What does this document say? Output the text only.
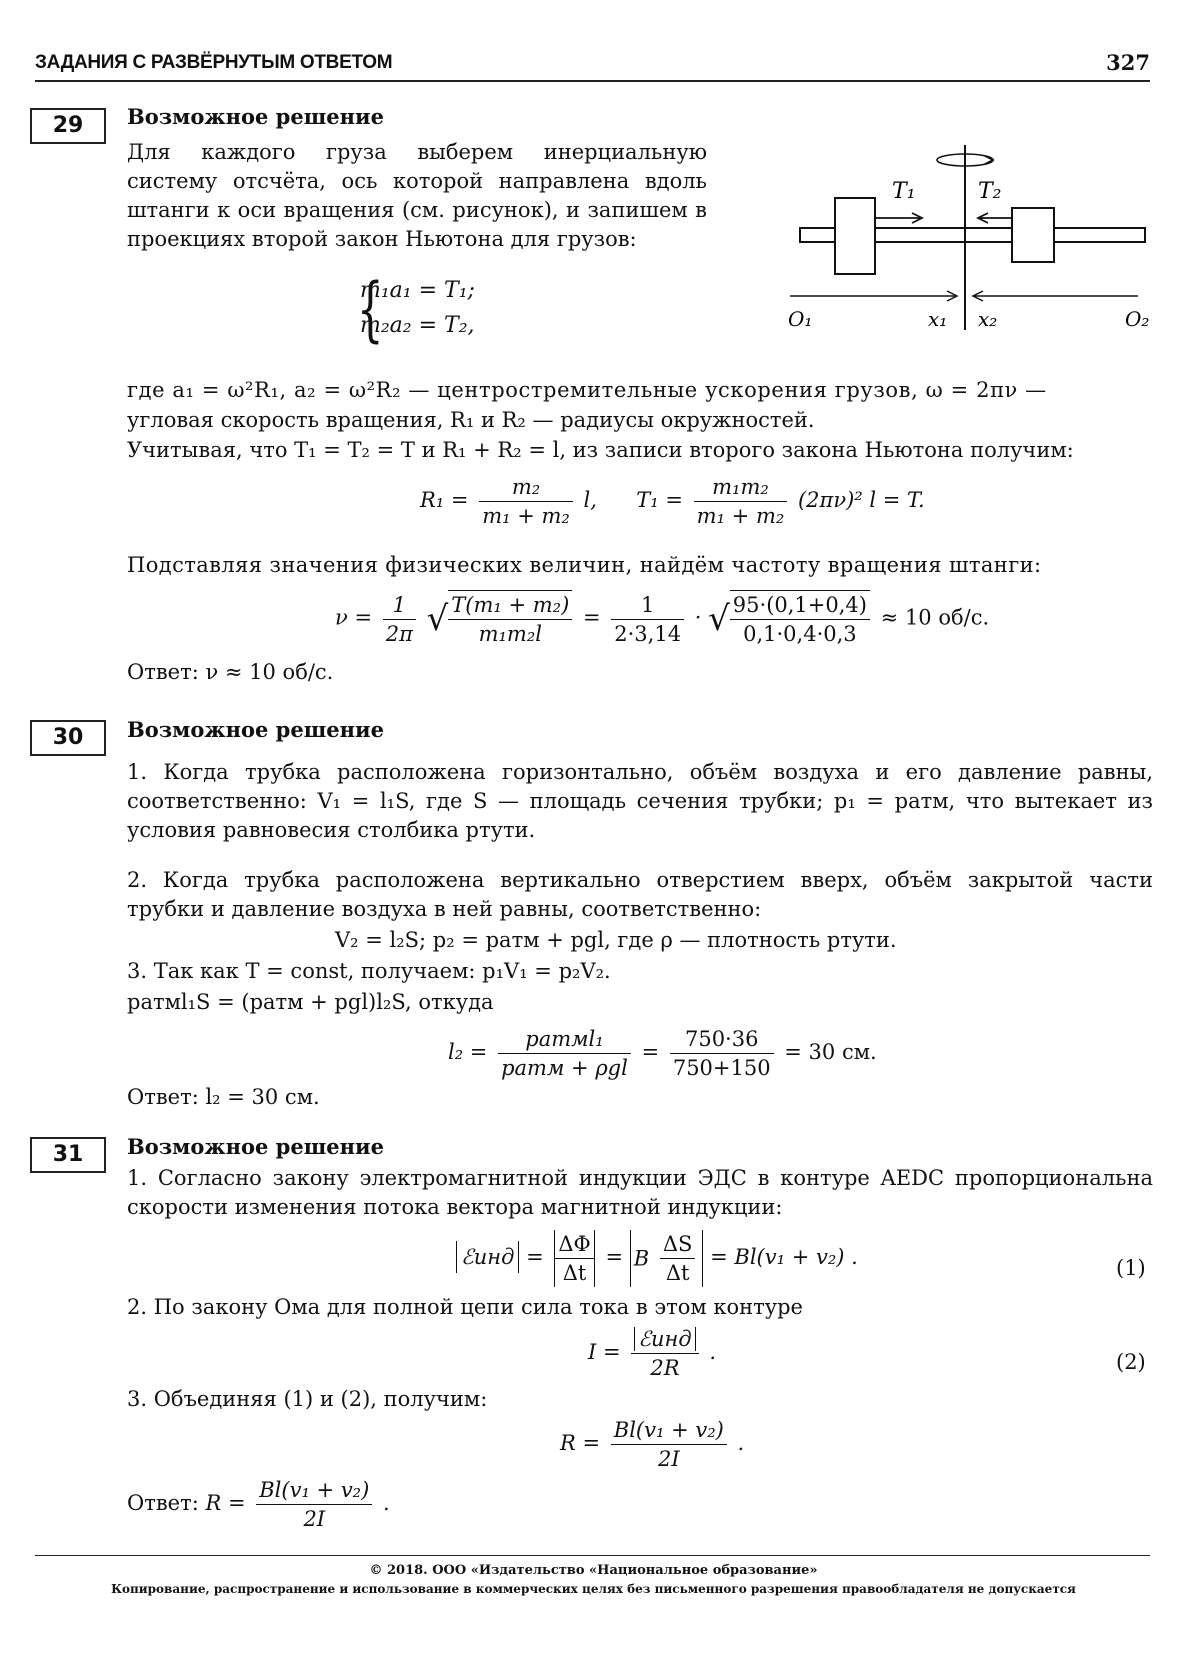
ЗАДАНИЯ С РАЗВЁРНУТЫМ ОТВЕТОМ	327
29	Возможное решение
Для каждого груза выберем инерциальную систему отсчёта, ось которой направлена вдоль штанги к оси вращения (см. рисунок), и запишем в проекциях второй закон Ньютона для грузов:
{
m₁a₁ = T₁;
m₂a₂ = T₂,
T₁	T₂
O₁	x₁ x₂	O₂
где a₁ = ω²R₁, a₂ = ω²R₂ — центростремительные ускорения грузов, ω = 2πν —
угловая скорость вращения, R₁ и R₂ — радиусы окружностей.
Учитывая, что T₁ = T₂ = T и R₁ + R₂ = l, из записи второго закона Ньютона получим:
$R_1 = \frac{\text{m₂}}{\text{m₁ + m₂}} l$, $T_1 = \frac{\text{m₁m₂}}{\text{m₁ + m₂}} (2\pi\nu)^2$ l = T.
Подставляя значения физических величин, найдём частоту вращения штанги:
$\nu = \frac{1}{2\pi}$ √ $\frac{\text{T(m₁ + m₂)}}{\text{m₁m₂l}} = \frac{1}{2\cdot 3,14}$ · √ $\frac{95\cdot(0,1+0,4)}{0,1\cdot 0,4\cdot 0,3} \approx 10$ об/с.
Ответ: ν ≈ 10 об/с.
30	Возможное решение
1. Когда трубка расположена горизонтально, объём воздуха и его давление равны, соответственно: V₁ = l₁S, где S — площадь сечения трубки; p₁ = pатм, что вытекает из условия равновесия столбика ртути.
2. Когда трубка расположена вертикально отверстием вверх, объём закрытой части трубки и давление воздуха в ней равны, соответственно:
V₂ = l₂S; p₂ = pатм + pgl, где ρ — плотность ртути.
3. Так как T = const, получаем: p₁V₁ = p₂V₂.
pатмl₁S = (pатм + pgl)l₂S, откуда
$l_2 = \frac{\text{pатмl₁}}{\text{pатм + ρgl}} = \frac{750\cdot 36}{750+150} = 30$ см.
Ответ: l₂ = 30 см.
31	Возможное решение
1. Согласно закону электромагнитной индукции ЭДС в контуре AEDC пропорциональна скорости изменения потока вектора магнитной индукции:
ℰинд = $\frac{\Delta\Phi}{\Delta t} = B \frac{\Delta S}{\Delta t} = Bl(v_1 + v_2)$ .	(1)
2. По закону Ома для полной цепи сила тока в этом контуре
$I = \frac{\text{ℰинд}}{2R}$ .	(2)
3. Объединяя (1) и (2), получим:
$R = \frac{\text{Bl(v₁ + v₂)}}{2I}$ .
Ответ: $R = \frac{\text{Bl(v₁ + v₂)}}{2I}$ .
© 2018. ООО «Издательство «Национальное образование»
Копирование, распространение и использование в коммерческих целях без письменного разрешения правообладателя не допускается
